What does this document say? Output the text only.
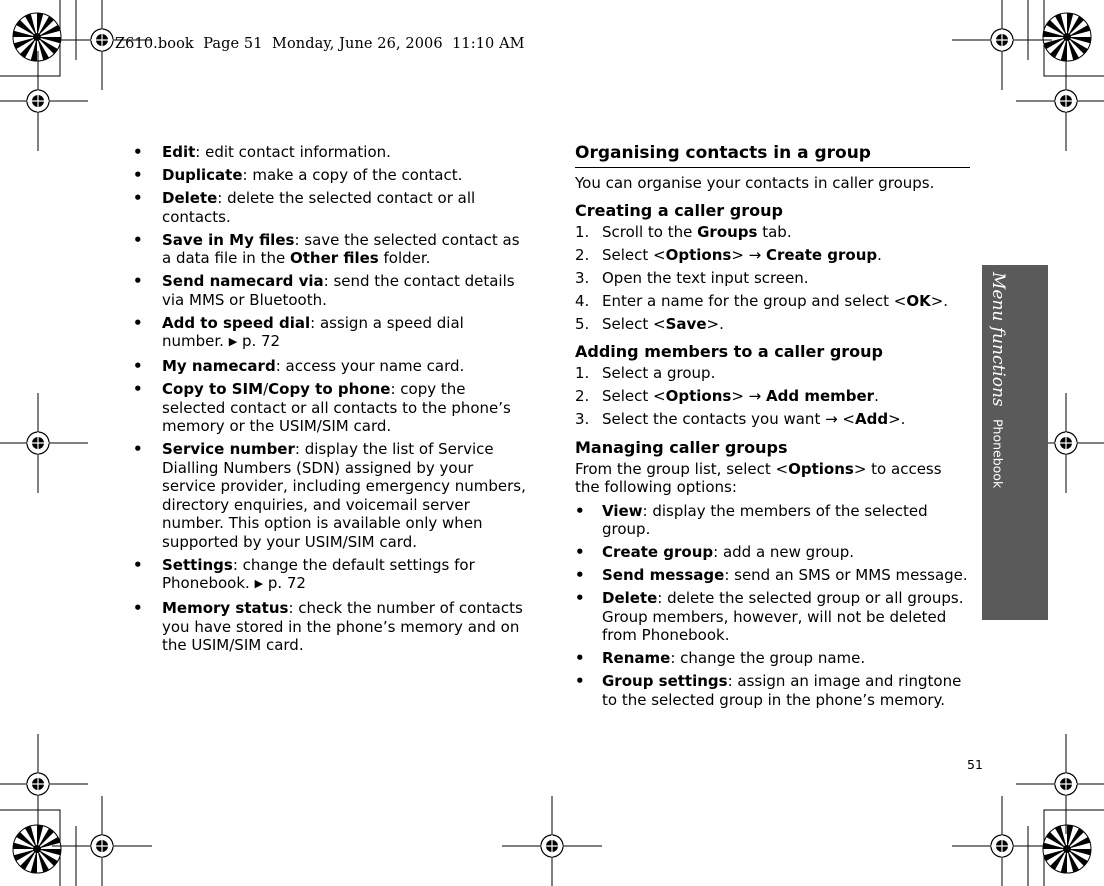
Z610.book  Page 51  Monday, June 26, 2006  11:10 AM
• Edit: edit contact information.
• Duplicate: make a copy of the contact.
• Delete: delete the selected contact or all contacts.
• Save in My files: save the selected contact as a data file in the Other files folder.
• Send namecard via: send the contact details via MMS or Bluetooth.
• Add to speed dial: assign a speed dial number. ▶ p. 72
• My namecard: access your name card.
• Copy to SIM/Copy to phone: copy the selected contact or all contacts to the phone’s memory or the USIM/SIM card.
• Service number: display the list of Service Dialling Numbers (SDN) assigned by your service provider, including emergency numbers, directory enquiries, and voicemail server number. This option is available only when supported by your USIM/SIM card.
• Settings: change the default settings for Phonebook. ▶ p. 72
• Memory status: check the number of contacts you have stored in the phone’s memory and on the USIM/SIM card.
Organising contacts in a group

You can organise your contacts in caller groups.

Creating a caller group
1. Scroll to the Groups tab.
2. Select <Options> → Create group.
3. Open the text input screen.
4. Enter a name for the group and select <OK>.
5. Select <Save>.
Adding members to a caller group
1. Select a group.
2. Select <Options> → Add member.
3. Select the contacts you want → <Add>.
Managing caller groups

From the group list, select <Options> to access the following options:

• View: display the members of the selected group.
• Create group: add a new group.
• Send message: send an SMS or MMS message.
• Delete: delete the selected group or all groups. Group members, however, will not be deleted from Phonebook.
• Rename: change the group name.
• Group settings: assign an image and ringtone to the selected group in the phone’s memory.
Menu functions
Phonebook
51
